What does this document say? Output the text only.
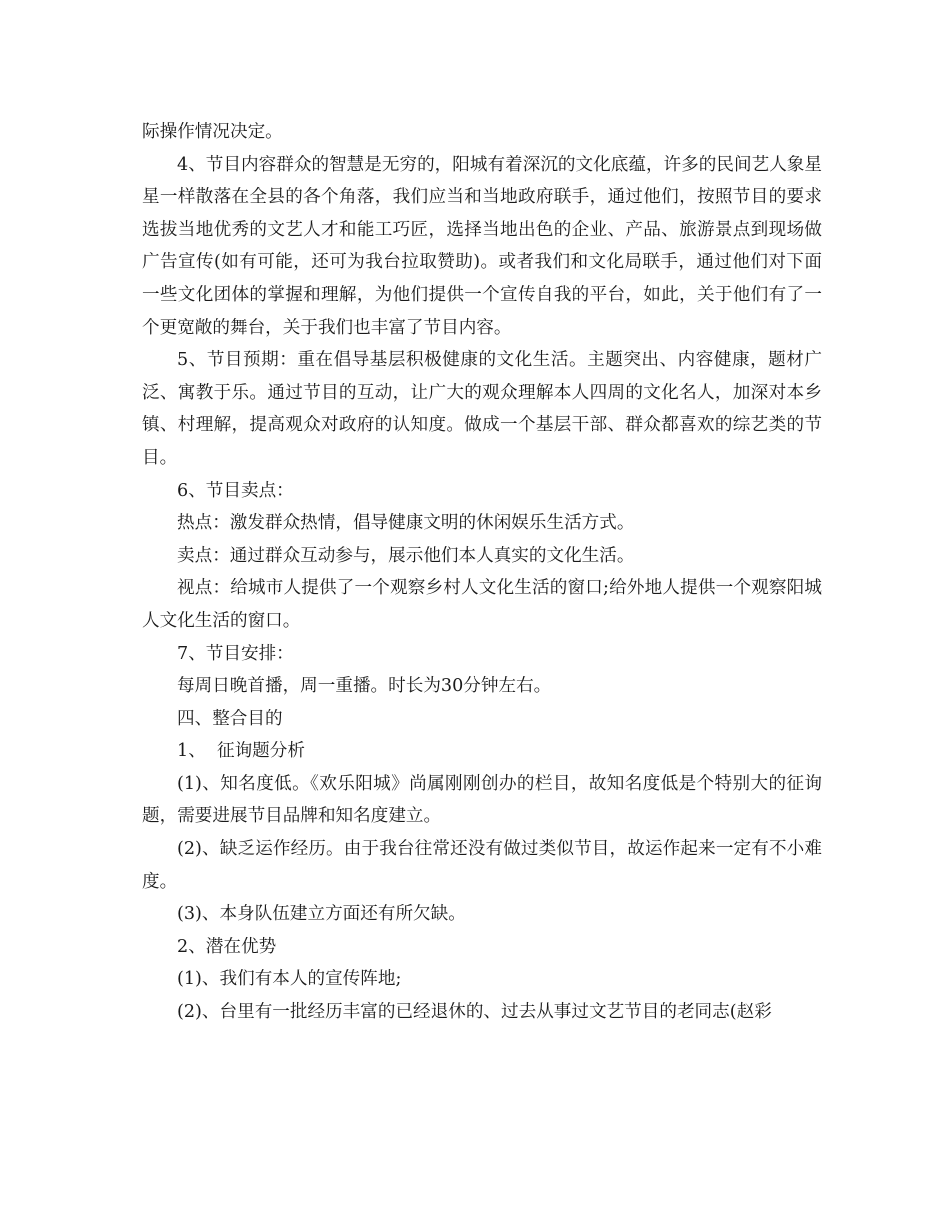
际操作情况决定。

4、节目内容群众的智慧是无穷的，阳城有着深沉的文化底蕴，许多的民间艺人象星星一样散落在全县的各个角落，我们应当和当地政府联手，通过他们，按照节目的要求选拔当地优秀的文艺人才和能工巧匠，选择当地出色的企业、产品、旅游景点到现场做广告宣传(如有可能，还可为我台拉取赞助)。或者我们和文化局联手，通过他们对下面一些文化团体的掌握和理解，为他们提供一个宣传自我的平台，如此，关于他们有了一个更宽敞的舞台，关于我们也丰富了节目内容。

5、节目预期：重在倡导基层积极健康的文化生活。主题突出、内容健康，题材广泛、寓教于乐。通过节目的互动，让广大的观众理解本人四周的文化名人，加深对本乡镇、村理解，提高观众对政府的认知度。做成一个基层干部、群众都喜欢的综艺类的节目。

6、节目卖点：

热点：激发群众热情，倡导健康文明的休闲娱乐生活方式。

卖点：通过群众互动参与，展示他们本人真实的文化生活。

视点：给城市人提供了一个观察乡村人文化生活的窗口;给外地人提供一个观察阳城人文化生活的窗口。

7、节目安排：

每周日晚首播，周一重播。时长为30分钟左右。

四、整合目的

1、  征询题分析

(1)、知名度低。《欢乐阳城》尚属刚刚创办的栏目，故知名度低是个特别大的征询题，需要进展节目品牌和知名度建立。

(2)、缺乏运作经历。由于我台往常还没有做过类似节目，故运作起来一定有不小难度。

(3)、本身队伍建立方面还有所欠缺。

2、潜在优势

(1)、我们有本人的宣传阵地;

(2)、台里有一批经历丰富的已经退休的、过去从事过文艺节目的老同志(赵彩
